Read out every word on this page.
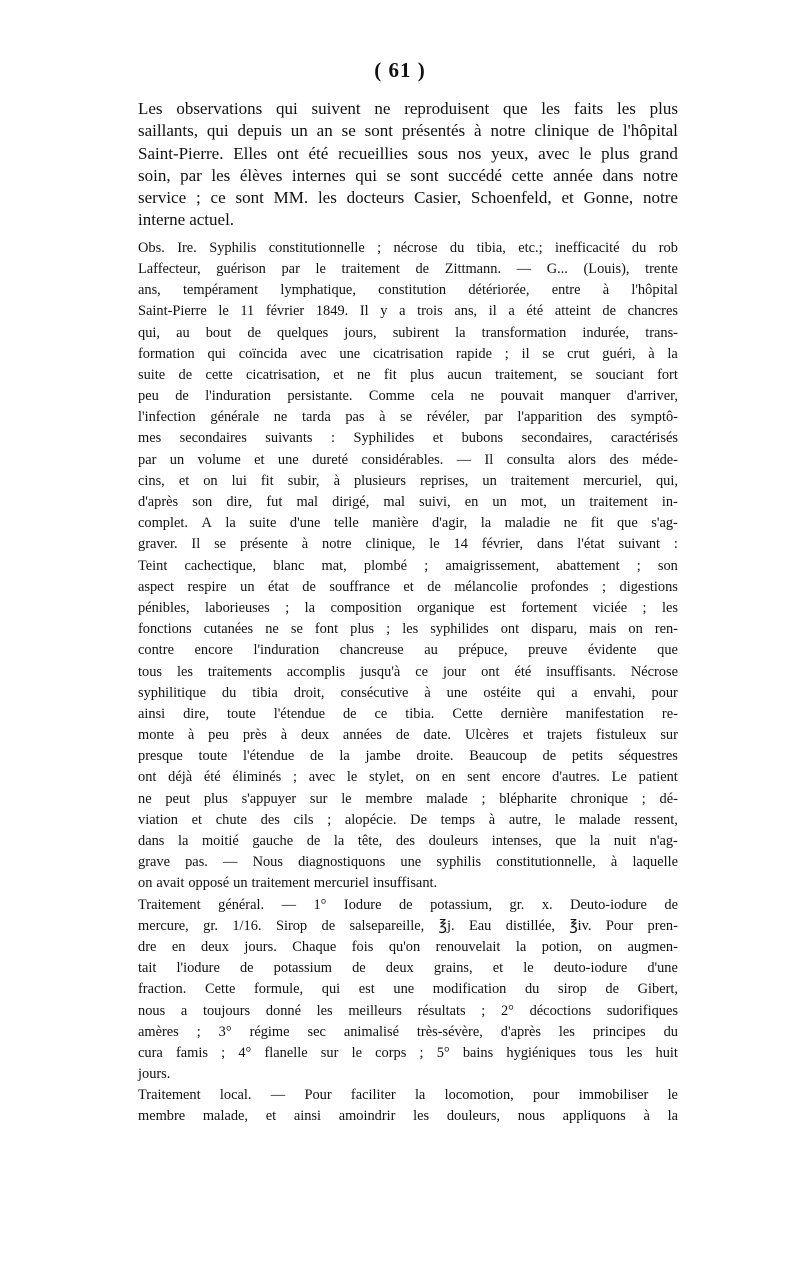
( 61 )
Les observations qui suivent ne reproduisent que les faits les plus
saillants, qui depuis un an se sont présentés à notre clinique de l'hôpital
Saint-Pierre. Elles ont été recueillies sous nos yeux, avec le plus grand
soin, par les élèves internes qui se sont succédé cette année dans notre
service ; ce sont MM. les docteurs Casier, Schoenfeld, et Gonne, notre
interne actuel.
Obs. Ire. Syphilis constitutionnelle ; nécrose du tibia, etc.; inefficacité du rob
Laffecteur, guérison par le traitement de Zittmann. — G... (Louis), trente
ans, tempérament lymphatique, constitution détériorée, entre à l'hôpital
Saint-Pierre le 11 février 1849. Il y a trois ans, il a été atteint de chancres
qui, au bout de quelques jours, subirent la transformation indurée, trans-
formation qui coïncida avec une cicatrisation rapide ; il se crut guéri, à la
suite de cette cicatrisation, et ne fit plus aucun traitement, se souciant fort
peu de l'induration persistante. Comme cela ne pouvait manquer d'arriver,
l'infection générale ne tarda pas à se révéler, par l'apparition des symptô-
mes secondaires suivants : Syphilides et bubons secondaires, caractérisés
par un volume et une dureté considérables. — Il consulta alors des méde-
cins, et on lui fit subir, à plusieurs reprises, un traitement mercuriel, qui,
d'après son dire, fut mal dirigé, mal suivi, en un mot, un traitement in-
complet. A la suite d'une telle manière d'agir, la maladie ne fit que s'ag-
graver. Il se présente à notre clinique, le 14 février, dans l'état suivant :
Teint cachectique, blanc mat, plombé ; amaigrissement, abattement ; son
aspect respire un état de souffrance et de mélancolie profondes ; digestions
pénibles, laborieuses ; la composition organique est fortement viciée ; les
fonctions cutanées ne se font plus ; les syphilides ont disparu, mais on ren-
contre encore l'induration chancreuse au prépuce, preuve évidente que
tous les traitements accomplis jusqu'à ce jour ont été insuffisants. Nécrose
syphilitique du tibia droit, consécutive à une ostéite qui a envahi, pour
ainsi dire, toute l'étendue de ce tibia. Cette dernière manifestation re-
monte à peu près à deux années de date. Ulcères et trajets fistuleux sur
presque toute l'étendue de la jambe droite. Beaucoup de petits séquestres
ont déjà été éliminés ; avec le stylet, on en sent encore d'autres. Le patient
ne peut plus s'appuyer sur le membre malade ; blépharite chronique ; dé-
viation et chute des cils ; alopécie. De temps à autre, le malade ressent,
dans la moitié gauche de la tête, des douleurs intenses, que la nuit n'ag-
grave pas. — Nous diagnostiquons une syphilis constitutionnelle, à laquelle
on avait opposé un traitement mercuriel insuffisant.
Traitement général. — 1° Iodure de potassium, gr. x. Deuto-iodure de
mercure, gr. 1/16. Sirop de salsepareille, ℥j. Eau distillée, ℥iv. Pour pren-
dre en deux jours. Chaque fois qu'on renouvelait la potion, on augmen-
tait l'iodure de potassium de deux grains, et le deuto-iodure d'une
fraction. Cette formule, qui est une modification du sirop de Gibert,
nous a toujours donné les meilleurs résultats ; 2° décoctions sudorifiques
amères ; 3° régime sec animalisé très-sévère, d'après les principes du
cura famis ; 4° flanelle sur le corps ; 5° bains hygiéniques tous les huit
jours.
Traitement local. — Pour faciliter la locomotion, pour immobiliser le
membre malade, et ainsi amoindrir les douleurs, nous appliquons à la
